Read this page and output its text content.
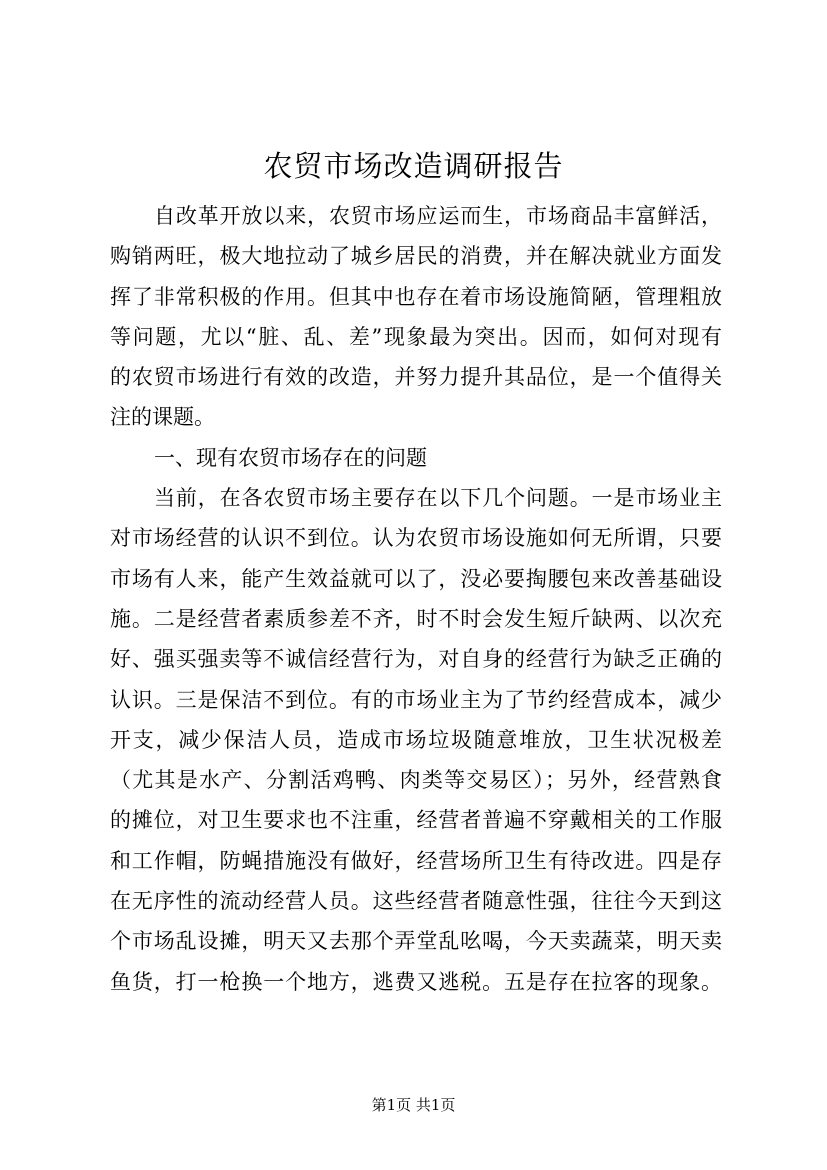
农贸市场改造调研报告
自改革开放以来，农贸市场应运而生，市场商品丰富鲜活，
购销两旺，极大地拉动了城乡居民的消费，并在解决就业方面发
挥了非常积极的作用。但其中也存在着市场设施简陋，管理粗放
等问题，尤以“脏、乱、差”现象最为突出。因而，如何对现有
的农贸市场进行有效的改造，并努力提升其品位，是一个值得关
注的课题。
一、现有农贸市场存在的问题
当前，在各农贸市场主要存在以下几个问题。一是市场业主
对市场经营的认识不到位。认为农贸市场设施如何无所谓，只要
市场有人来，能产生效益就可以了，没必要掏腰包来改善基础设
施。二是经营者素质参差不齐，时不时会发生短斤缺两、以次充
好、强买强卖等不诚信经营行为，对自身的经营行为缺乏正确的
认识。三是保洁不到位。有的市场业主为了节约经营成本，减少
开支，减少保洁人员，造成市场垃圾随意堆放，卫生状况极差
（尤其是水产、分割活鸡鸭、肉类等交易区）；另外，经营熟食
的摊位，对卫生要求也不注重，经营者普遍不穿戴相关的工作服
和工作帽，防蝇措施没有做好，经营场所卫生有待改进。四是存
在无序性的流动经营人员。这些经营者随意性强，往往今天到这
个市场乱设摊，明天又去那个弄堂乱吆喝，今天卖蔬菜，明天卖
鱼货，打一枪换一个地方，逃费又逃税。五是存在拉客的现象。
第1页 共1页
